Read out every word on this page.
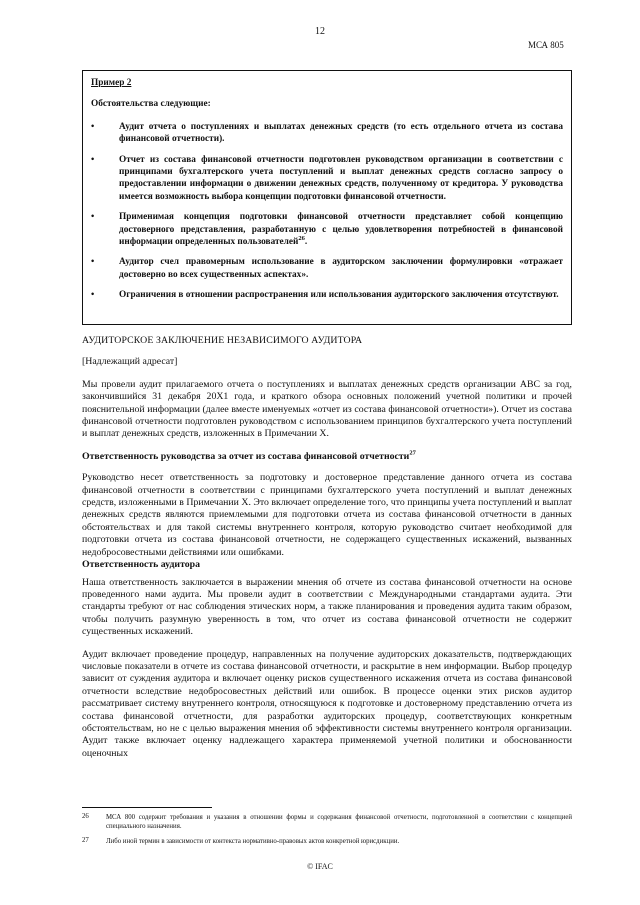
12
МСА 805
Пример 2
Обстоятельства следующие:
•	Аудит отчета о поступлениях и выплатах денежных средств (то есть отдельного отчета из состава финансовой отчетности).
•	Отчет из состава финансовой отчетности подготовлен руководством организации в соответствии с принципами бухгалтерского учета поступлений и выплат денежных средств согласно запросу о предоставлении информации о движении денежных средств, полученному от кредитора. У руководства имеется возможность выбора концепции подготовки финансовой отчетности.
•	Применимая концепция подготовки финансовой отчетности представляет собой концепцию достоверного представления, разработанную с целью удовлетворения потребностей в финансовой информации определенных пользователей$^{26}$.
•	Аудитор счел правомерным использование в аудиторском заключении формулировки «отражает достоверно во всех существенных аспектах».
•	Ограничения в отношении распространения или использования аудиторского заключения отсутствуют.
АУДИТОРСКОЕ ЗАКЛЮЧЕНИЕ НЕЗАВИСИМОГО АУДИТОРА
[Надлежащий адресат]

Мы провели аудит прилагаемого отчета о поступлениях и выплатах денежных средств организации ABC за год, закончившийся 31 декабря 20X1 года, и краткого обзора основных положений учетной политики и прочей пояснительной информации (далее вместе именуемых «отчет из состава финансовой отчетности»). Отчет из состава финансовой отчетности подготовлен руководством с использованием принципов бухгалтерского учета поступлений и выплат денежных средств, изложенных в Примечании X.

Ответственность руководства за отчет из состава финансовой отчетности$^{27}$

Руководство несет ответственность за подготовку и достоверное представление данного отчета из состава финансовой отчетности в соответствии с принципами бухгалтерского учета поступлений и выплат денежных средств, изложенными в Примечании X. Это включает определение того, что принципы учета поступлений и выплат денежных средств являются приемлемыми для подготовки отчета из состава финансовой отчетности в данных обстоятельствах и для такой системы внутреннего контроля, которую руководство считает необходимой для подготовки отчета из состава финансовой отчетности, не содержащего существенных искажений, вызванных недобросовестными действиями или ошибками.

Ответственность аудитора

Наша ответственность заключается в выражении мнения об отчете из состава финансовой отчетности на основе проведенного нами аудита. Мы провели аудит в соответствии с Международными стандартами аудита. Эти стандарты требуют от нас соблюдения этических норм, а также планирования и проведения аудита таким образом, чтобы получить разумную уверенность в том, что отчет из состава финансовой отчетности не содержит существенных искажений.

Аудит включает проведение процедур, направленных на получение аудиторских доказательств, подтверждающих числовые показатели в отчете из состава финансовой отчетности, и раскрытие в нем информации. Выбор процедур зависит от суждения аудитора и включает оценку рисков существенного искажения отчета из состава финансовой отчетности вследствие недобросовестных действий или ошибок. В процессе оценки этих рисков аудитор рассматривает систему внутреннего контроля, относящуюся к подготовке и достоверному представлению отчета из состава финансовой отчетности, для разработки аудиторских процедур, соответствующих конкретным обстоятельствам, но не с целью выражения мнения об эффективности системы внутреннего контроля организации. Аудит также включает оценку надлежащего характера применяемой учетной политики и обоснованности оценочных

26	МСА 800 содержит требования и указания в отношении формы и содержания финансовой отчетности, подготовленной в соответствии с концепцией специального назначения.
27	Либо иной термин в зависимости от контекста нормативно-правовых актов конкретной юрисдикции.
© IFAC
